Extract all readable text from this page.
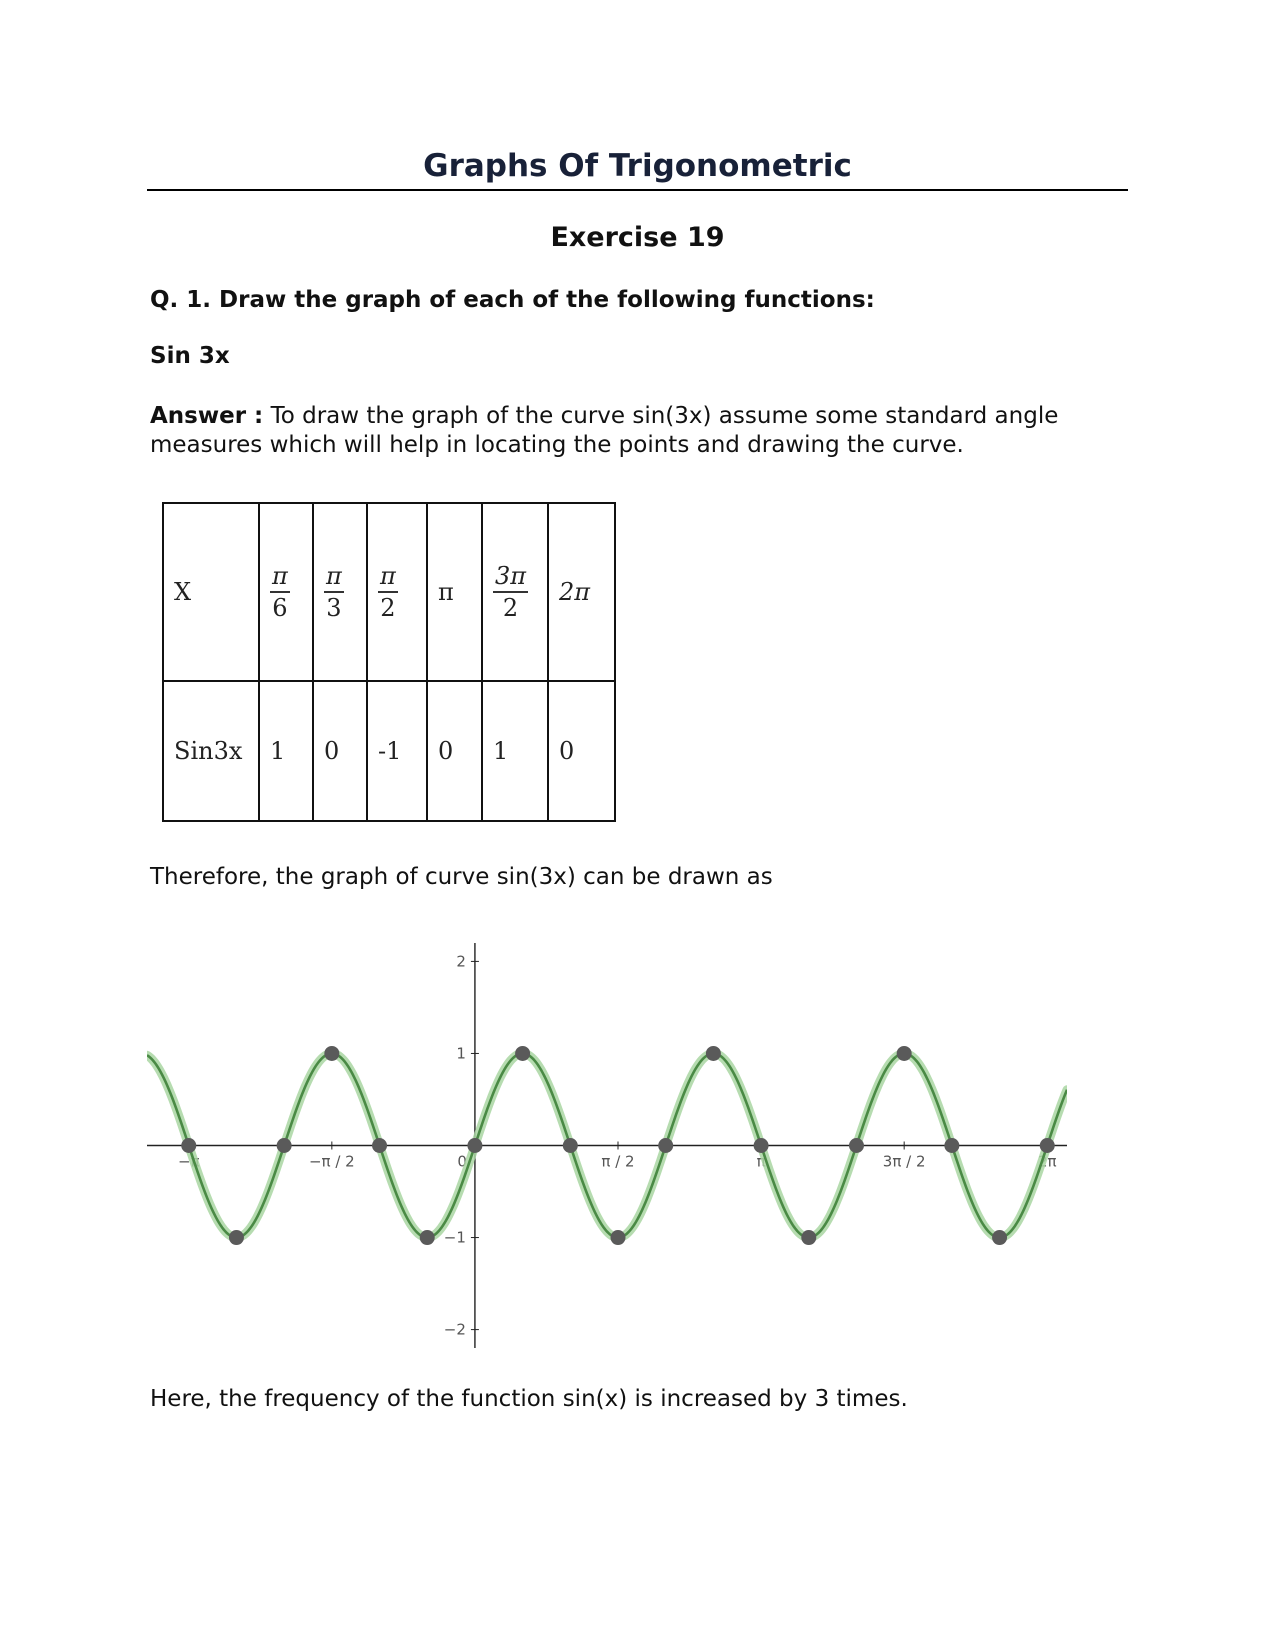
Graphs Of Trigonometric
Exercise 19
Q. 1. Draw the graph of each of the following functions:
Sin 3x
Answer : To draw the graph of the curve sin(3x) assume some standard angle measures which will help in locating the points and drawing the curve.
X	$\frac{\pi}{6}$	$\frac{\pi}{3}$	$\frac{\pi}{2}$	π	$\frac{3\pi}{2}$	2π
Sin3x	1	0	-1	0	1	0
Therefore, the graph of curve sin(3x) can be drawn as
−π	−π / 2	0	π / 2	π	3π / 2	2π
2
1
−1
−2
Here, the frequency of the function sin(x) is increased by 3 times.
